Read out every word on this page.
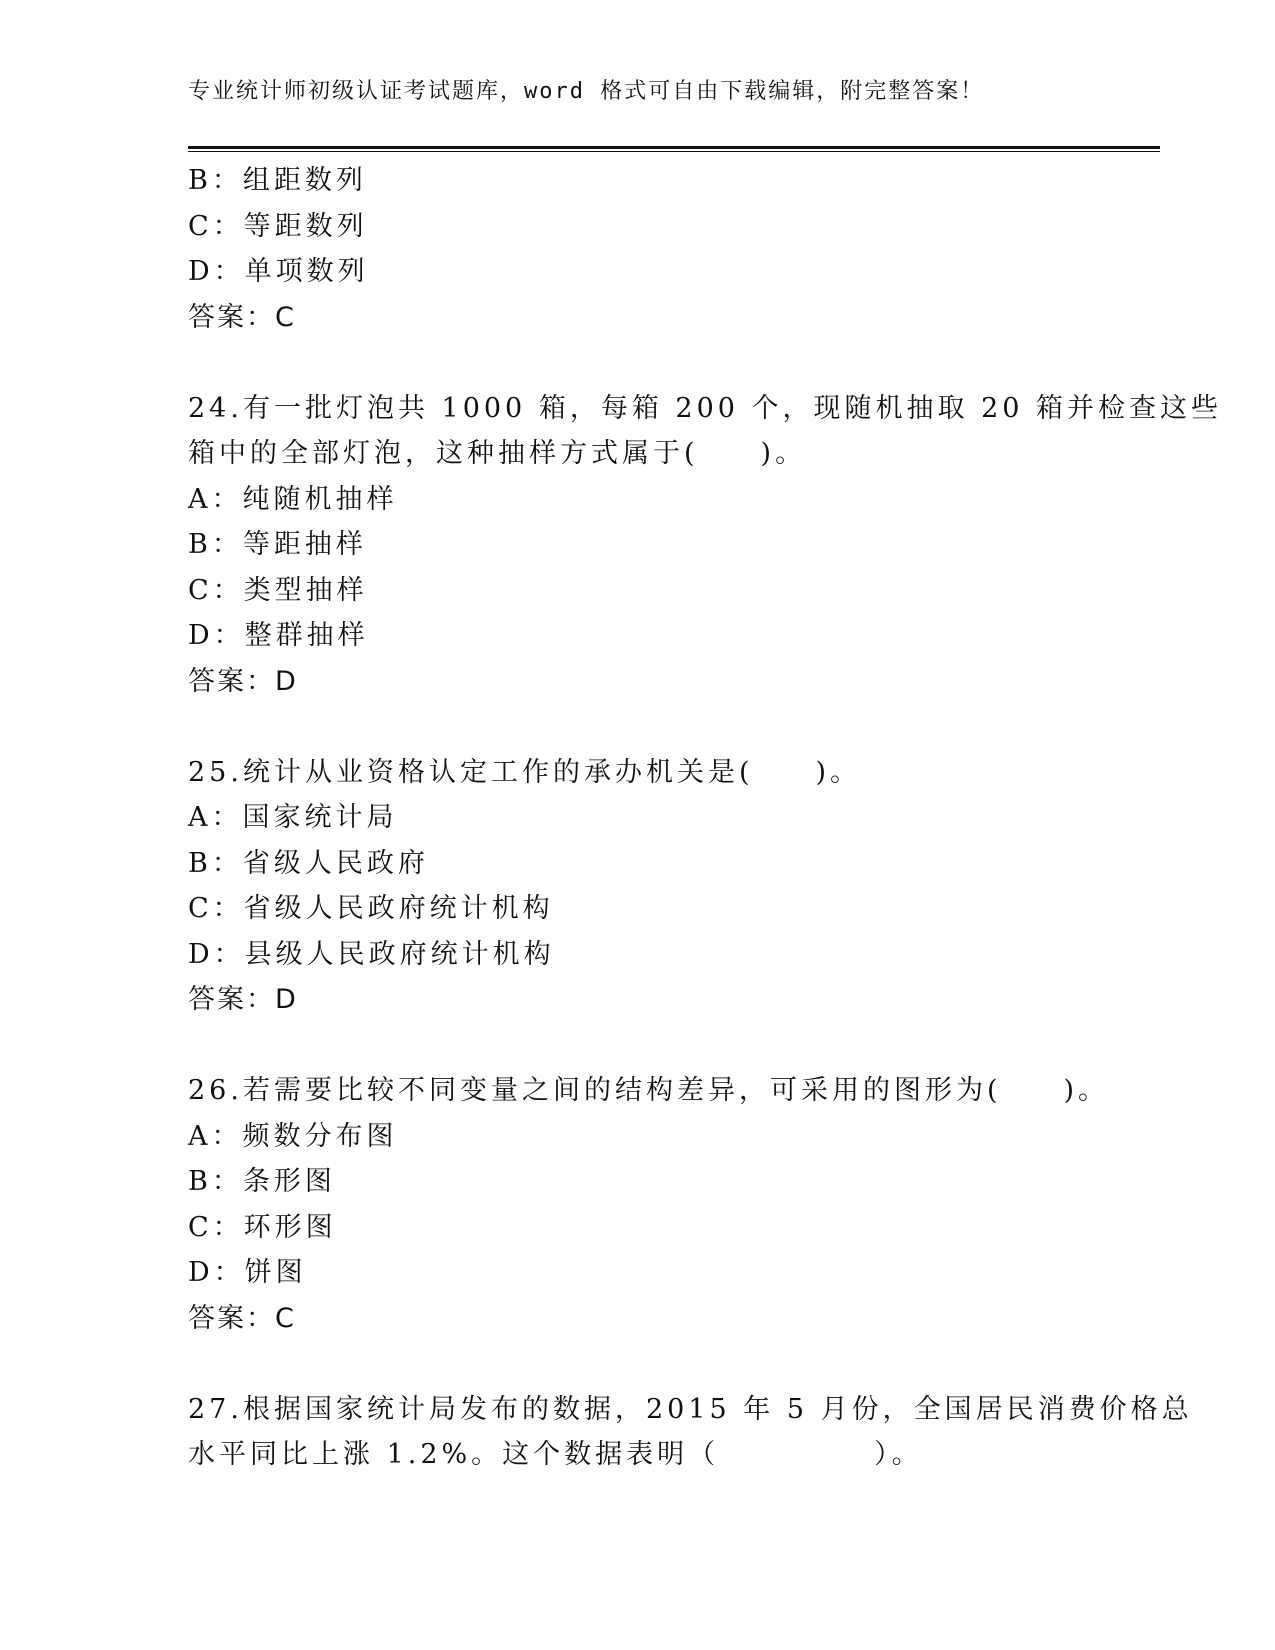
专业统计师初级认证考试题库，word 格式可自由下载编辑，附完整答案！
B：组距数列
C：等距数列
D：单项数列
答案：C
24.有一批灯泡共 1000 箱，每箱 200 个，现随机抽取 20 箱并检查这些
箱中的全部灯泡，这种抽样方式属于(　　)。
A：纯随机抽样
B：等距抽样
C：类型抽样
D：整群抽样
答案：D
25.统计从业资格认定工作的承办机关是(　　)。
A：国家统计局
B：省级人民政府
C：省级人民政府统计机构
D：县级人民政府统计机构
答案：D
26.若需要比较不同变量之间的结构差异，可采用的图形为(　　)。
A：频数分布图
B：条形图
C：环形图
D：饼图
答案：C
27.根据国家统计局发布的数据，2015 年 5 月份，全国居民消费价格总
水平同比上涨 1.2%。这个数据表明（　　　　　）。
